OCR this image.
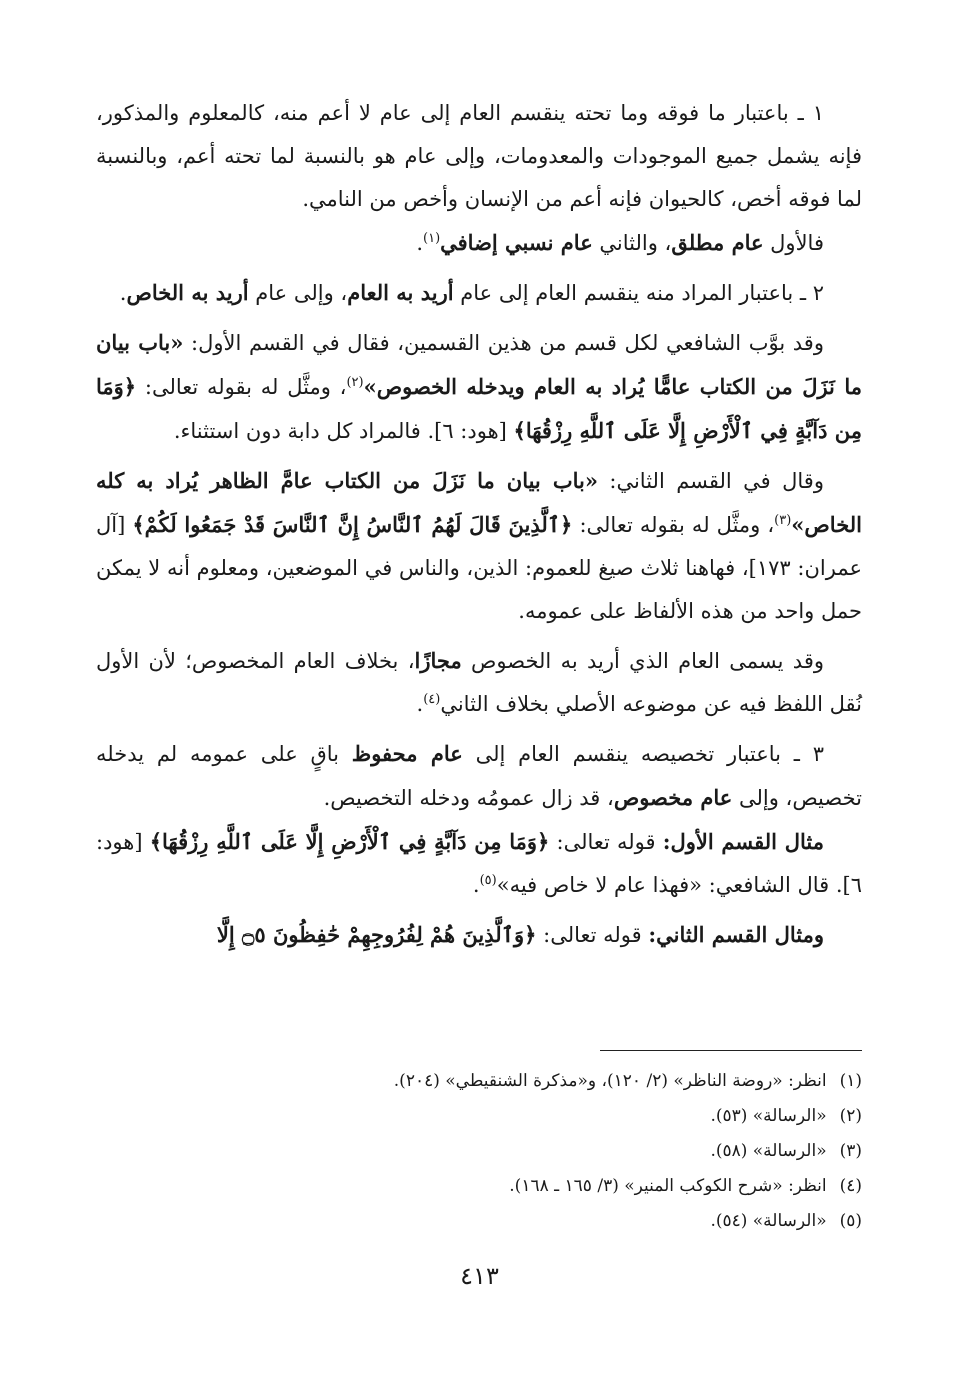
١ ـ باعتبار ما فوقه وما تحته ينقسم العام إلى عام لا أعم منه، كالمعلوم والمذكور، فإنه يشمل جميع الموجودات والمعدومات، وإلى عام هو بالنسبة لما تحته أعم، وبالنسبة لما فوقه أخص، كالحيوان فإنه أعم من الإنسان وأخص من النامي.

فالأول عام مطلق، والثاني عام نسبي إضافي$^{(١)}$.

٢ ـ باعتبار المراد منه ينقسم العام إلى عام أريد به العام، وإلى عام أريد به الخاص.

وقد بوَّب الشافعي لكل قسم من هذين القسمين، فقال في القسم الأول: «باب بيان ما نَزَلَ من الكتاب عامًّا يُراد به العام ويدخله الخصوص»$^{(٢)}$، ومثَّل له بقوله تعالى: ﴿وَمَا مِن دَآبَّةٍ فِي ٱلْأَرْضِ إِلَّا عَلَى ٱللَّهِ رِزْقُهَا﴾ [هود: ٦]. فالمراد كل دابة دون استثناء.

وقال في القسم الثاني: «باب بيان ما نَزَلَ من الكتاب عامَّ الظاهر يُراد به كله الخاص»$^{(٣)}$، ومثَّل له بقوله تعالى: ﴿ٱلَّذِينَ قَالَ لَهُمُ ٱلنَّاسُ إِنَّ ٱلنَّاسَ قَدْ جَمَعُوا لَكُمْ﴾ [آل عمران: ١٧٣]، فهاهنا ثلاث صيغ للعموم: الذين، والناس في الموضعين، ومعلوم أنه لا يمكن حمل واحد من هذه الألفاظ على عمومه.

وقد يسمى العام الذي أريد به الخصوص مجازًا، بخلاف العام المخصوص؛ لأن الأول نُقل اللفظ فيه عن موضوعه الأصلي بخلاف الثاني$^{(٤)}$.

٣ ـ باعتبار تخصيصه ينقسم العام إلى عام محفوظ باقٍ على عمومه لم يدخله تخصيص، وإلى عام مخصوص، قد زال عمومُه ودخله التخصيص.

مثال القسم الأول: قوله تعالى: ﴿وَمَا مِن دَآبَّةٍ فِي ٱلْأَرْضِ إِلَّا عَلَى ٱللَّهِ رِزْقُهَا﴾ [هود: ٦]. قال الشافعي: «فهذا عام لا خاص فيه»$^{(٥)}$.

ومثال القسم الثاني: قوله تعالى: ﴿وَٱلَّذِينَ هُمْ لِفُرُوجِهِمْ حَٰفِظُونَ ۝٥ إِلَّا

(١) انظر: «روضة الناظر» (٢/ ١٢٠)، و«مذكرة الشنقيطي» (٢٠٤).
(٢) «الرسالة» (٥٣).
(٣) «الرسالة» (٥٨).
(٤) انظر: «شرح الكوكب المنير» (٣/ ١٦٥ ـ ١٦٨).
(٥) «الرسالة» (٥٤).
٤١٣
